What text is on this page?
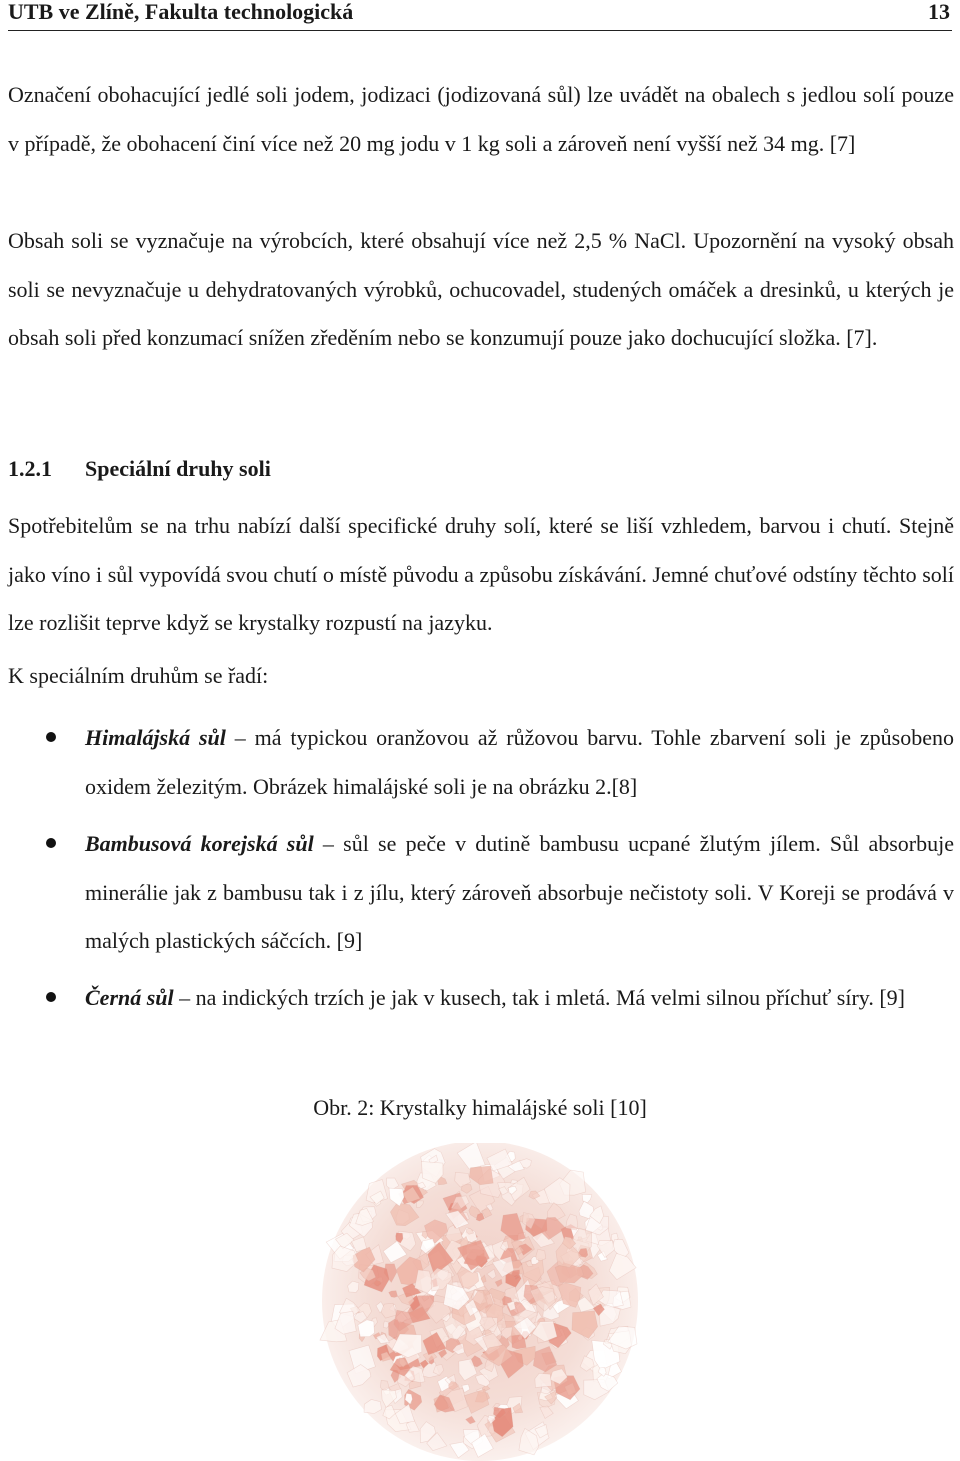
UTB ve Zlíně, Fakulta technologická	13

Označení obohacující jedlé soli jodem, jodizaci (jodizovaná sůl) lze uvádět na obalech s jedlou solí pouze v případě, že obohacení činí více než 20 mg jodu v 1 kg soli a zároveň není vyšší než 34 mg. [7]

Obsah soli se vyznačuje na výrobcích, které obsahují více než 2,5 % NaCl. Upozornění na vysoký obsah soli se nevyznačuje u dehydratovaných výrobků, ochucovadel, studených omáček a dresinků, u kterých je obsah soli před konzumací snížen zředěním nebo se konzumují pouze jako dochucující složka. [7].

1.2.1 Speciální druhy soli

Spotřebitelům se na trhu nabízí další specifické druhy solí, které se liší vzhledem, barvou i chutí. Stejně jako víno i sůl vypovídá svou chutí o místě původu a způsobu získávání. Jemné chuťové odstíny těchto solí lze rozlišit teprve když se krystalky rozpustí na jazyku.

K speciálním druhům se řadí:

Himalájská sůl – má typickou oranžovou až růžovou barvu. Tohle zbarvení soli je způsobeno oxidem železitým. Obrázek himalájské soli je na obrázku 2.[8]

Bambusová korejská sůl – sůl se peče v dutině bambusu ucpané žlutým jílem. Sůl absorbuje minerálie jak z bambusu tak i z jílu, který zároveň absorbuje nečistoty soli. V Koreji se prodává v malých plastických sáčcích. [9]

Černá sůl – na indických trzích je jak v kusech, tak i mletá. Má velmi silnou příchuť síry. [9]

Obr. 2: Krystalky himalájské soli [10]
